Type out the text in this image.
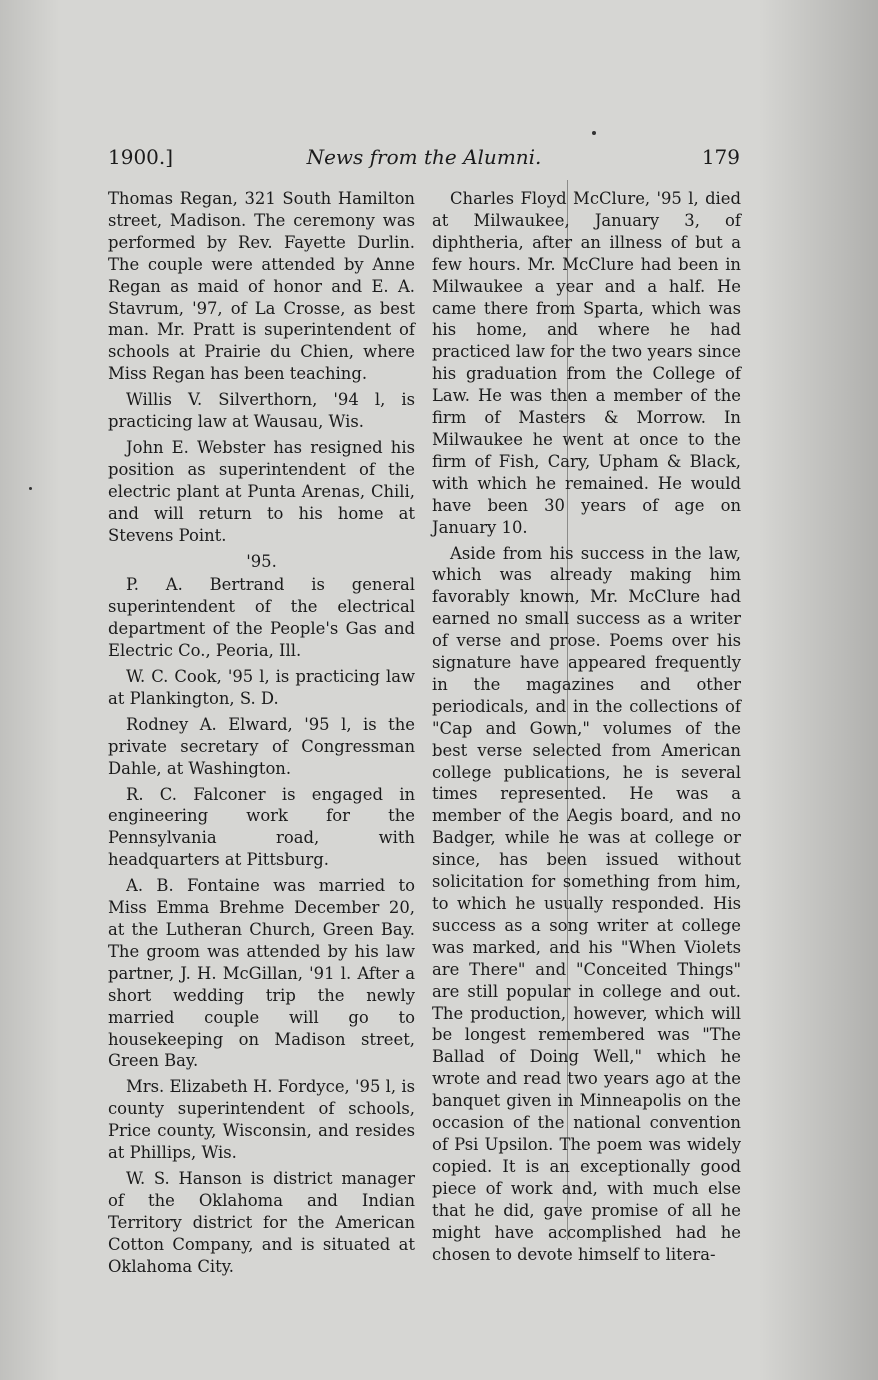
1900.]	News from the Alumni.	179

Thomas Regan, 321 South Hamilton street, Madison. The ceremony was performed by Rev. Fayette Durlin. The couple were attended by Anne Regan as maid of honor and E. A. Stavrum, '97, of La Crosse, as best man. Mr. Pratt is superintendent of schools at Prairie du Chien, where Miss Regan has been teaching.

Willis V. Silverthorn, '94 l, is practicing law at Wausau, Wis.

John E. Webster has resigned his position as superintendent of the electric plant at Punta Arenas, Chili, and will return to his home at Stevens Point.

'95.

P. A. Bertrand is general superintendent of the electrical department of the People's Gas and Electric Co., Peoria, Ill.

W. C. Cook, '95 l, is practicing law at Plankington, S. D.

Rodney A. Elward, '95 l, is the private secretary of Congressman Dahle, at Washington.

R. C. Falconer is engaged in engineering work for the Pennsylvania road, with headquarters at Pittsburg.

A. B. Fontaine was married to Miss Emma Brehme December 20, at the Lutheran Church, Green Bay. The groom was attended by his law partner, J. H. McGillan, '91 l. After a short wedding trip the newly married couple will go to housekeeping on Madison street, Green Bay.

Mrs. Elizabeth H. Fordyce, '95 l, is county superintendent of schools, Price county, Wisconsin, and resides at Phillips, Wis.

W. S. Hanson is district manager of the Oklahoma and Indian Territory district for the American Cotton Company, and is situated at Oklahoma City.

Charles Floyd McClure, '95 l, died at Milwaukee, January 3, of diphtheria, after an illness of but a few hours. Mr. McClure had been in Milwaukee a year and a half. He came there from Sparta, which was his home, and where he had practiced law for the two years since his graduation from the College of Law. He was then a member of the firm of Masters & Morrow. In Milwaukee he went at once to the firm of Fish, Cary, Upham & Black, with which he remained. He would have been 30 years of age on January 10.

Aside from his success in the law, which was already making him favorably known, Mr. McClure had earned no small success as a writer of verse and prose. Poems over his signature have appeared frequently in the magazines and other periodicals, and in the collections of "Cap and Gown," volumes of the best verse selected from American college publications, he is several times represented. He was a member of the Aegis board, and no Badger, while he was at college or since, has been issued without solicitation for something from him, to which he usually responded. His success as a song writer at college was marked, and his "When Violets are There" and "Conceited Things" are still popular in college and out. The production, however, which will be longest remembered was "The Ballad of Doing Well," which he wrote and read two years ago at the banquet given in Minneapolis on the occasion of the national convention of Psi Upsilon. The poem was widely copied. It is an exceptionally good piece of work and, with much else that he did, gave promise of all he might have accomplished had he chosen to devote himself to litera-
